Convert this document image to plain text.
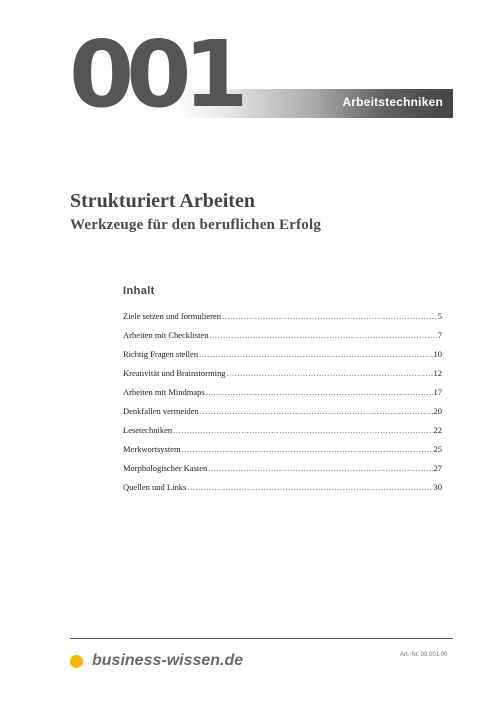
Arbeitstechniken
001
Strukturiert Arbeiten
Werkzeuge für den beruflichen Erfolg
Inhalt
Ziele setzen und formulieren .....	5
Arbeiten mit Checklisten .....	7
Richtig Fragen stellen .....	10
Kreativität und Brainstorming .....	12
Arbeiten mit Mindmaps .....	17
Denkfallen vermeiden .....	20
Lesetechniken .....	22
Merkwortsystem .....	25
Morphologischer Kasten .....	27
Quellen und Links .....	30
business-wissen.de	Art.-Nr. 99.001.00
